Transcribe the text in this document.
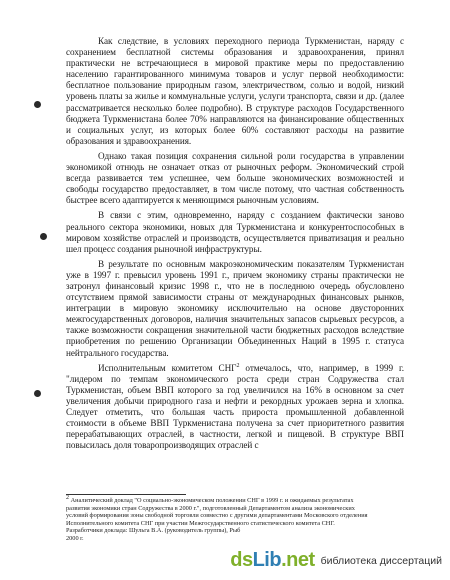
Как следствие, в условиях переходного периода Туркменистан, наряду с сохранением бесплатной системы образования и здравоохранения, принял практически не встречающиеся в мировой практике меры по предоставлению населению гарантированного минимума товаров и услуг первой необходимости: бесплатное пользование природным газом, электричеством, солью и водой, низкий уровень платы за жилье и коммунальные услуги, услуги транспорта, связи и др. (далее рассматривается несколько более подробно). В структуре расходов Государственного бюджета Туркменистана более 70% направляются на финансирование общественных и социальных услуг, из которых более 60% составляют расходы на развитие образования и здравоохранения.

Однако такая позиция сохранения сильной роли государства в управлении экономикой отнюдь не означает отказ от рыночных реформ. Экономический строй всегда развивается тем успешнее, чем больше экономических возможностей и свободы государство предоставляет, в том числе потому, что частная собственность быстрее всего адаптируется к меняющимся рыночным условиям.

В связи с этим, одновременно, наряду с созданием фактически заново реального сектора экономики, новых для Туркменистана и конкурентоспособных в мировом хозяйстве отраслей и производств, осуществляется приватизация и реально шел процесс создания рыночной инфраструктуры.

В результате по основным макроэкономическим показателям Туркменистан уже в 1997 г. превысил уровень 1991 г., причем экономику страны практически не затронул финансовый кризис 1998 г., что не в последнюю очередь обусловлено отсутствием прямой зависимости страны от международных финансовых рынков, интеграции в мировую экономику исключительно на основе двусторонних межгосударственных договоров, наличия значительных запасов сырьевых ресурсов, а также возможности сокращения значительной части бюджетных расходов вследствие приобретения по решению Организации Объединенных Наций в 1995 г. статуса нейтрального государства.

Исполнительным комитетом СНГ$^2$ отмечалось, что, например, в 1999 г. "лидером по темпам экономического роста среди стран Содружества стал Туркменистан, объем ВВП которого за год увеличился на 16% в основном за счет увеличения добычи природного газа и нефти и рекордных урожаев зерна и хлопка. Следует отметить, что большая часть прироста промышленной добавленной стоимости в объеме ВВП Туркменистана получена за счет приоритетного развития перерабатывающих отраслей, в частности, легкой и пищевой. В структуре ВВП повысилась доля товаропроизводящих отраслей с

$^2$ Аналитический доклад "О социально-экономическом положении СНГ в 1999 г. и ожидаемых результатах
развития экономики стран Содружества в 2000 г.", подготовленный Департаментом анализа экономических
условий формирования зоны свободной торговли совместно с другими департаментами Московского отделения
Исполнительного комитета СНГ при участии Межгосударственного статистического комитета СНГ.
Разработчики доклада: Шульга В.А. (руководитель группы), Рыб
2000 г.
dsLib.net библиотека диссертаций
